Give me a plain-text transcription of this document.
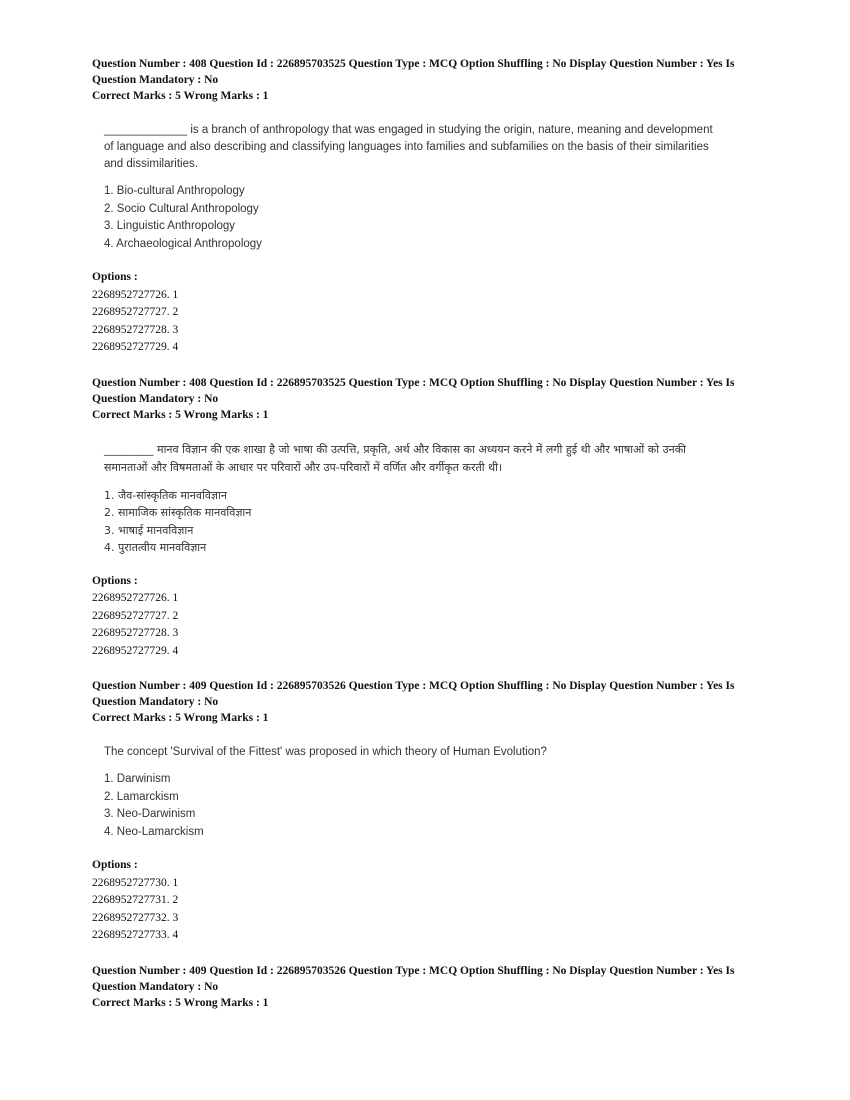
Question Number : 408 Question Id : 226895703525 Question Type : MCQ Option Shuffling : No Display Question Number : Yes Is Question Mandatory : No
Correct Marks : 5 Wrong Marks : 1

_____________ is a branch of anthropology that was engaged in studying the origin, nature, meaning and development of language and also describing and classifying languages into families and subfamilies on the basis of their similarities and dissimilarities.

1. Bio-cultural Anthropology
2. Socio Cultural Anthropology
3. Linguistic Anthropology
4. Archaeological Anthropology
Options :
2268952727726. 1
2268952727727. 2
2268952727728. 3
2268952727729. 4
Question Number : 408 Question Id : 226895703525 Question Type : MCQ Option Shuffling : No Display Question Number : Yes Is Question Mandatory : No
Correct Marks : 5 Wrong Marks : 1

_________ मानव विज्ञान की एक शाखा है जो भाषा की उत्पत्ति, प्रकृति, अर्थ और विकास का अध्ययन करने में लगी हुई थी और भाषाओं को उनकी समानताओं और विषमताओं के आधार पर परिवारों और उप-परिवारों में वर्णित और वर्गीकृत करती थी।

1. जैव-सांस्कृतिक मानवविज्ञान
2. सामाजिक सांस्कृतिक मानवविज्ञान
3. भाषाई मानवविज्ञान
4. पुरातत्वीय मानवविज्ञान
Options :
2268952727726. 1
2268952727727. 2
2268952727728. 3
2268952727729. 4
Question Number : 409 Question Id : 226895703526 Question Type : MCQ Option Shuffling : No Display Question Number : Yes Is Question Mandatory : No
Correct Marks : 5 Wrong Marks : 1

The concept 'Survival of the Fittest' was proposed in which theory of Human Evolution?

1. Darwinism
2. Lamarckism
3. Neo-Darwinism
4. Neo-Lamarckism
Options :
2268952727730. 1
2268952727731. 2
2268952727732. 3
2268952727733. 4
Question Number : 409 Question Id : 226895703526 Question Type : MCQ Option Shuffling : No Display Question Number : Yes Is Question Mandatory : No
Correct Marks : 5 Wrong Marks : 1
